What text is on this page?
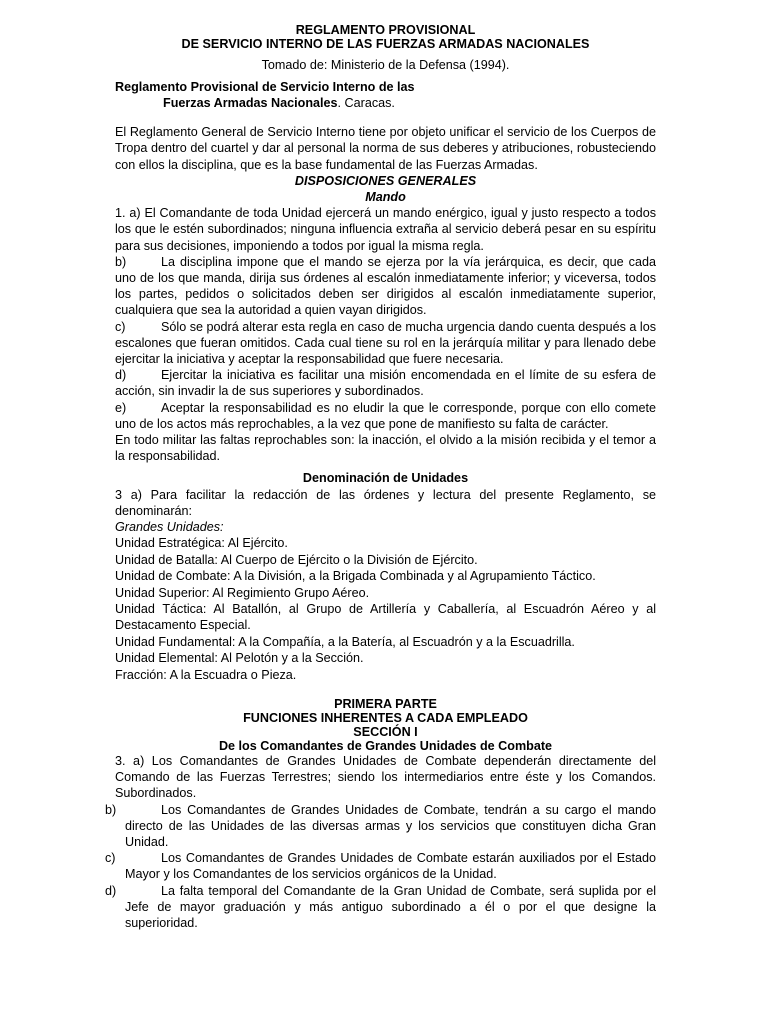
REGLAMENTO PROVISIONAL

DE SERVICIO INTERNO DE LAS FUERZAS ARMADAS NACIONALES

Tomado de: Ministerio de la Defensa (1994).

Reglamento Provisional de Servicio Interno de las

Fuerzas Armadas Nacionales. Caracas.

El Reglamento General de Servicio Interno tiene por objeto unificar el servicio de los Cuerpos de Tropa dentro del cuartel y dar al personal la norma de sus deberes y atribuciones, robusteciendo con ellos la disciplina, que es la base fundamental de las Fuerzas Armadas.

DISPOSICIONES GENERALES

Mando

1. a) El Comandante de toda Unidad ejercerá un mando enérgico, igual y justo respecto a todos los que le estén subordinados; ninguna influencia extraña al servicio deberá pesar en su espíritu para sus decisiones, imponiendo a todos por igual la misma regla.

b)	La disciplina impone que el mando se ejerza por la vía jerárquica, es decir, que cada uno de los que manda, dirija sus órdenes al escalón inmediatamente inferior; y viceversa, todos los partes, pedidos o solicitados deben ser dirigidos al escalón inmediatamente superior, cualquiera que sea la autoridad a quien vayan dirigidos.

c)	Sólo se podrá alterar esta regla en caso de mucha urgencia dando cuenta después a los escalones que fueran omitidos. Cada cual tiene su rol en la jerárquía militar y para llenado debe ejercitar la iniciativa y aceptar la responsabilidad que fuere necesaria.

d)	Ejercitar la iniciativa es facilitar una misión encomendada en el límite de su esfera de acción, sin invadir la de sus superiores y subordinados.

e)	Aceptar la responsabilidad es no eludir la que le corresponde, porque con ello comete uno de los actos más reprochables, a la vez que pone de manifiesto su falta de carácter.

En todo militar las faltas reprochables son: la inacción, el olvido a la misión recibida y el temor a la responsabilidad.

Denominación de Unidades

3 a) Para facilitar la redacción de las órdenes y lectura del presente Reglamento, se denominarán:

Grandes Unidades:

Unidad Estratégica: Al Ejército.

Unidad de Batalla: Al Cuerpo de Ejército o la División de Ejército.

Unidad de Combate: A la División, a la Brigada Combinada y al Agrupamiento Táctico.

Unidad Superior: Al Regimiento Grupo Aéreo.

Unidad Táctica: Al Batallón, al Grupo de Artillería y Caballería, al Escuadrón Aéreo y al Destacamento Especial.

Unidad Fundamental: A la Compañía, a la Batería, al Escuadrón y a la Escuadrilla.

Unidad Elemental: Al Pelotón y a la Sección.

Fracción: A la Escuadra o Pieza.

PRIMERA PARTE

FUNCIONES INHERENTES A CADA EMPLEADO

SECCIÓN I

De los Comandantes de Grandes Unidades de Combate

3. a) Los Comandantes de Grandes Unidades de Combate dependerán directamente del Comando de las Fuerzas Terrestres; siendo los intermediarios entre éste y los Comandos. Subordinados.

b)	Los Comandantes de Grandes Unidades de Combate, tendrán a su cargo el mando directo de las Unidades de las diversas armas y los servicios que constituyen dicha Gran Unidad.

c)	Los Comandantes de Grandes Unidades de Combate estarán auxiliados por el Estado Mayor y los Comandantes de los servicios orgánicos de la Unidad.

d)	La falta temporal del Comandante de la Gran Unidad de Combate, será suplida por el Jefe de mayor graduación y más antiguo subordinado a él o por el que designe la superioridad.
